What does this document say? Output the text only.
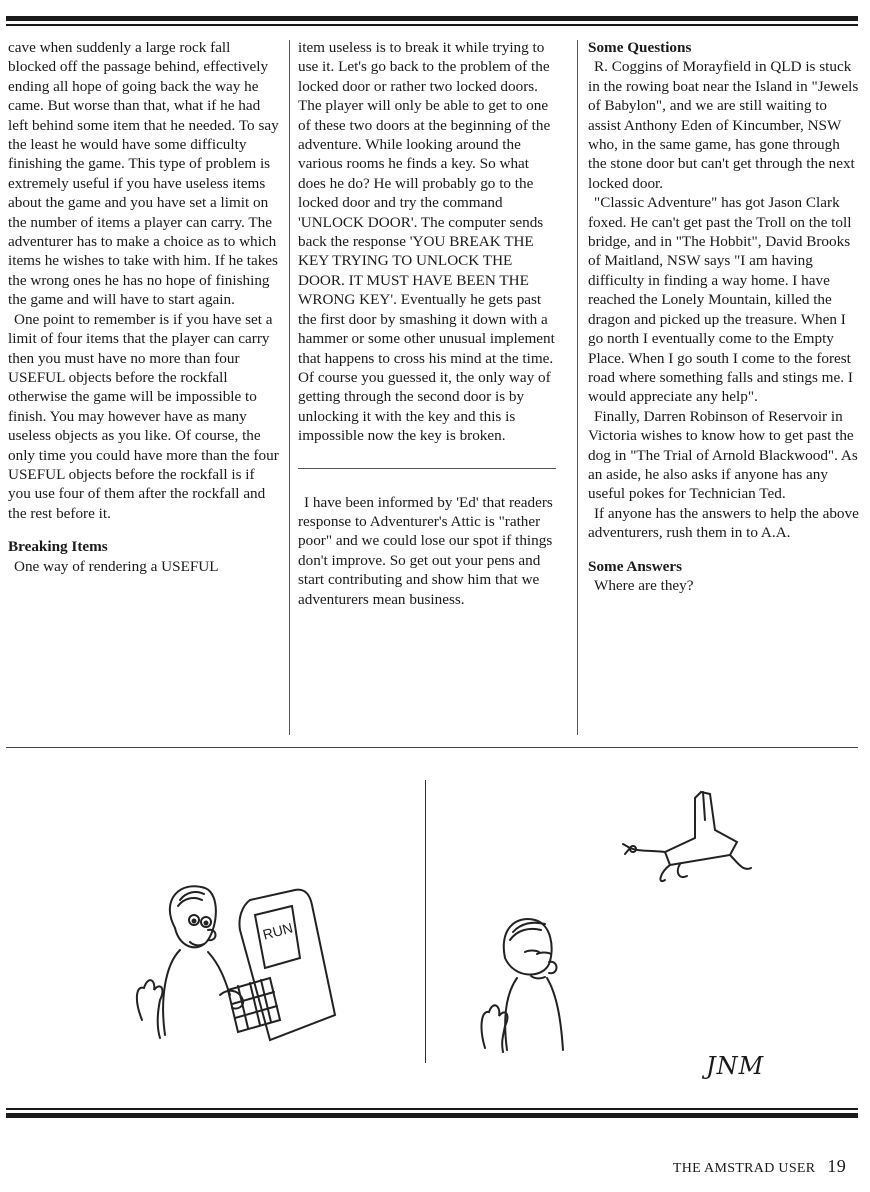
cave when suddenly a large rock fall blocked off the passage behind, effectively ending all hope of going back the way he came. But worse than that, what if he had left behind some item that he needed. To say the least he would have some difficulty finishing the game. This type of problem is extremely useful if you have useless items about the game and you have set a limit on the number of items a player can carry. The adventurer has to make a choice as to which items he wishes to take with him. If he takes the wrong ones he has no hope of finishing the game and will have to start again.

One point to remember is if you have set a limit of four items that the player can carry then you must have no more than four USEFUL objects before the rockfall otherwise the game will be impossible to finish. You may however have as many useless objects as you like. Of course, the only time you could have more than the four USEFUL objects before the rockfall is if you use four of them after the rockfall and the rest before it.

Breaking Items

One way of rendering a USEFUL

item useless is to break it while trying to use it. Let's go back to the problem of the locked door or rather two locked doors. The player will only be able to get to one of these two doors at the beginning of the adventure. While looking around the various rooms he finds a key. So what does he do? He will probably go to the locked door and try the command 'UNLOCK DOOR'. The computer sends back the response 'YOU BREAK THE KEY TRYING TO UNLOCK THE DOOR. IT MUST HAVE BEEN THE WRONG KEY'. Eventually he gets past the first door by smashing it down with a hammer or some other unusual implement that happens to cross his mind at the time. Of course you guessed it, the only way of getting through the second door is by unlocking it with the key and this is impossible now the key is broken.

I have been informed by 'Ed' that readers response to Adventurer's Attic is "rather poor" and we could lose our spot if things don't improve. So get out your pens and start contributing and show him that we adventurers mean business.

Some Questions

R. Coggins of Morayfield in QLD is stuck in the rowing boat near the Island in "Jewels of Babylon", and we are still waiting to assist Anthony Eden of Kincumber, NSW who, in the same game, has gone through the stone door but can't get through the next locked door.

"Classic Adventure" has got Jason Clark foxed. He can't get past the Troll on the toll bridge, and in "The Hobbit", David Brooks of Maitland, NSW says "I am having difficulty in finding a way home. I have reached the Lonely Mountain, killed the dragon and picked up the treasure. When I go north I eventually come to the Empty Place. When I go south I come to the forest road where something falls and stings me. I would appreciate any help".

Finally, Darren Robinson of Reservoir in Victoria wishes to know how to get past the dog in "The Trial of Arnold Blackwood". As an aside, he also asks if anyone has any useful pokes for Technician Ted.

If anyone has the answers to help the above adventurers, rush them in to A.A.

Some Answers

Where are they?

RUN
JNM
THE AMSTRAD USER 19
